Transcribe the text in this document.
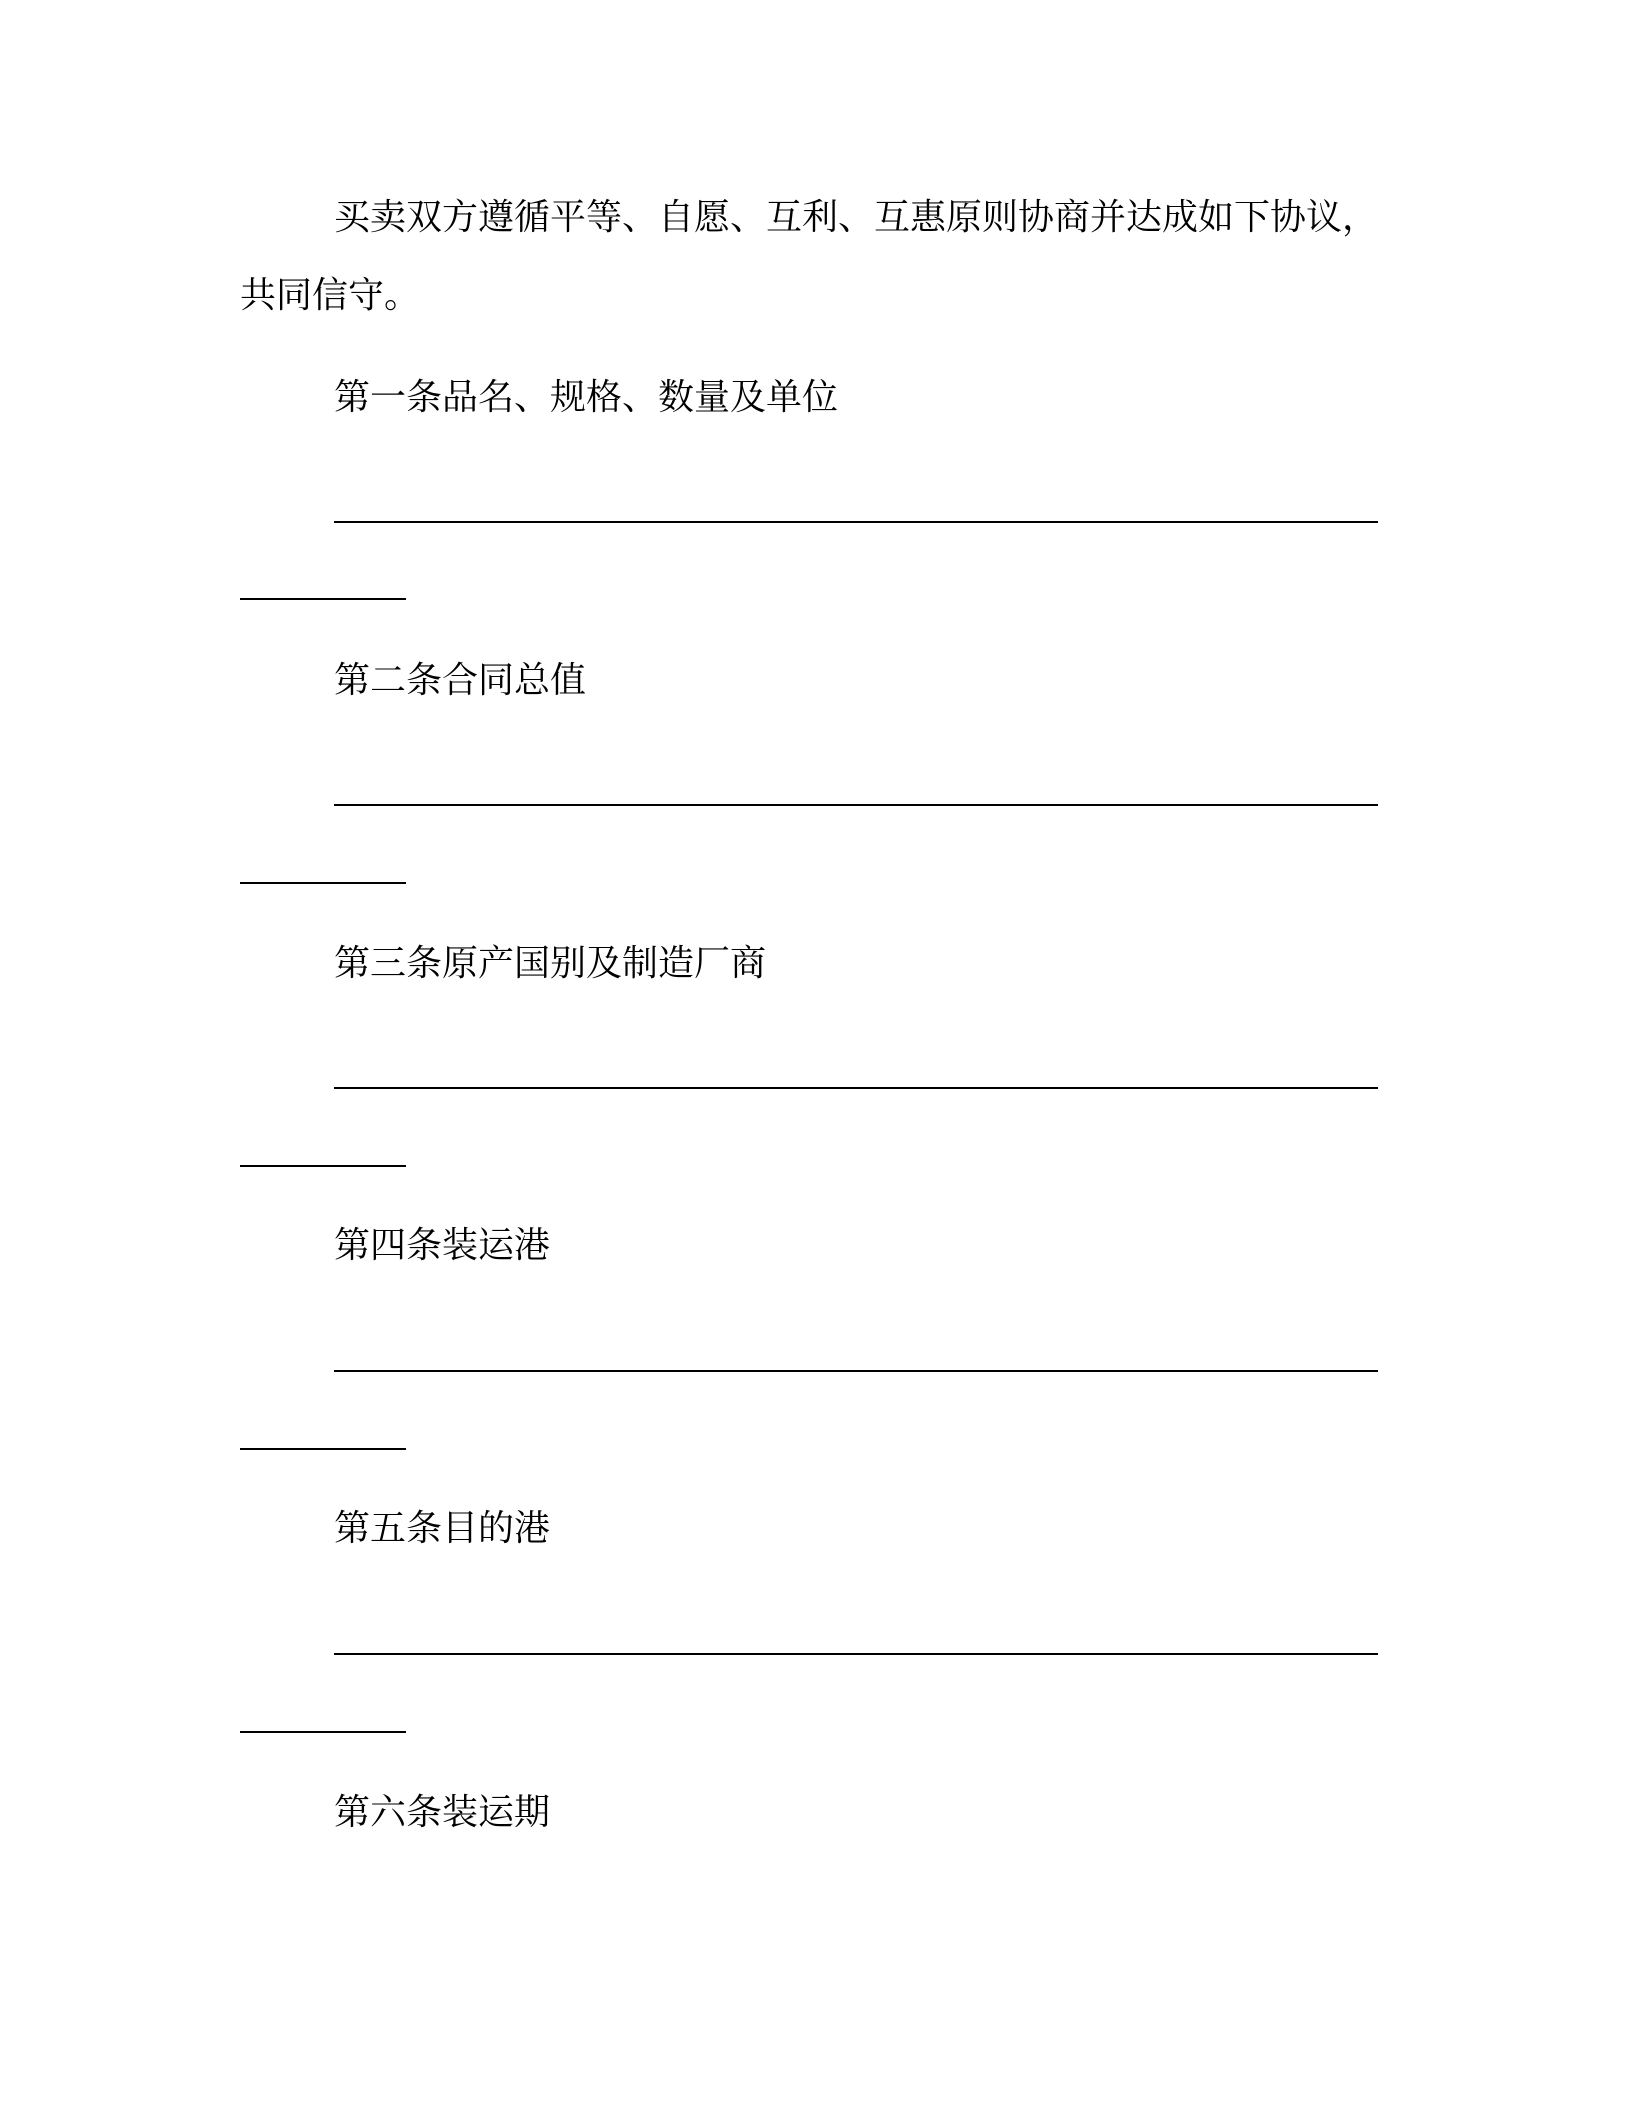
买卖双方遵循平等、自愿、互利、互惠原则协商并达成如下协议，
共同信守。
第一条品名、规格、数量及单位
第二条合同总值
第三条原产国别及制造厂商
第四条装运港
第五条目的港
第六条装运期
